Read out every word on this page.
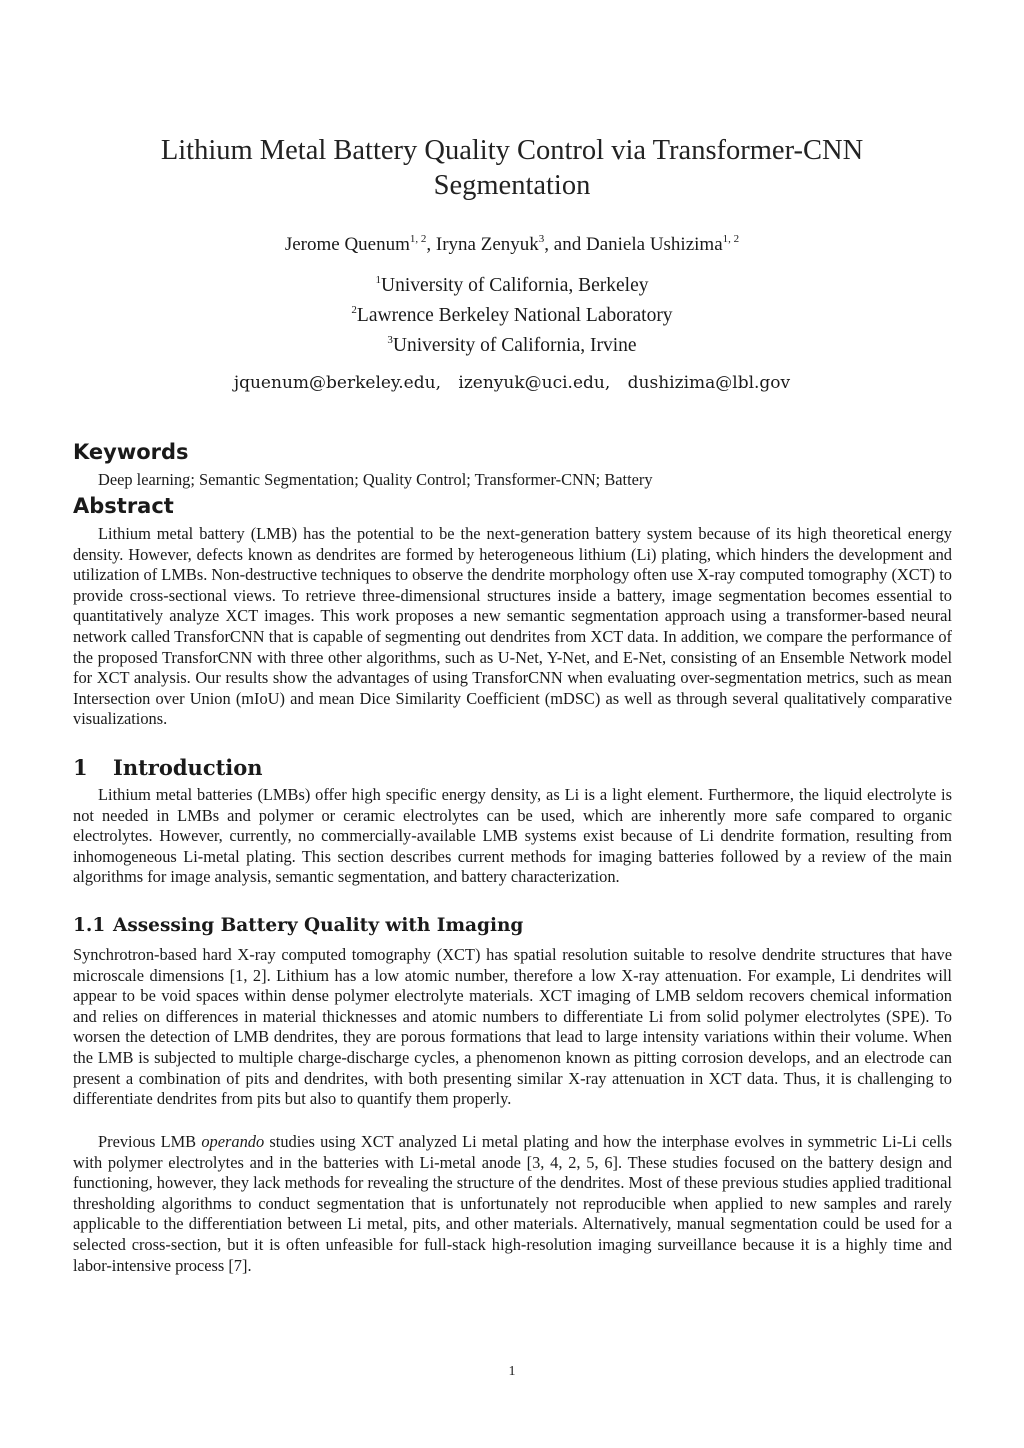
Lithium Metal Battery Quality Control via Transformer-CNN
Segmentation
Jerome Quenum$^{1, 2}$, Iryna Zenyuk$^3$, and Daniela Ushizima$^{1, 2}$
$^1$University of California, Berkeley
$^2$Lawrence Berkeley National Laboratory
$^3$University of California, Irvine
jquenum@berkeley.edu, izenyuk@uci.edu, dushizima@lbl.gov
Keywords
Deep learning; Semantic Segmentation; Quality Control; Transformer-CNN; Battery
Abstract
Lithium metal battery (LMB) has the potential to be the next-generation battery system because of its high theoretical energy density. However, defects known as dendrites are formed by heterogeneous lithium (Li) plating, which hinders the development and utilization of LMBs. Non-destructive techniques to observe the dendrite morphology often use X-ray computed tomography (XCT) to provide cross-sectional views. To retrieve three-dimensional structures inside a battery, image segmentation becomes essential to quantitatively analyze XCT images. This work proposes a new semantic segmentation approach using a transformer-based neural network called TransforCNN that is capable of segmenting out dendrites from XCT data. In addition, we compare the performance of the proposed TransforCNN with three other algorithms, such as U-Net, Y-Net, and E-Net, consisting of an Ensemble Network model for XCT analysis. Our results show the advantages of using TransforCNN when evaluating over-segmentation metrics, such as mean Intersection over Union (mIoU) and mean Dice Similarity Coefficient (mDSC) as well as through several qualitatively comparative visualizations.
1 Introduction
Lithium metal batteries (LMBs) offer high specific energy density, as Li is a light element. Furthermore, the liquid electrolyte is not needed in LMBs and polymer or ceramic electrolytes can be used, which are inherently more safe compared to organic electrolytes. However, currently, no commercially-available LMB systems exist because of Li dendrite formation, resulting from inhomogeneous Li-metal plating. This section describes current methods for imaging batteries followed by a review of the main algorithms for image analysis, semantic segmentation, and battery characterization.
1.1 Assessing Battery Quality with Imaging
Synchrotron-based hard X-ray computed tomography (XCT) has spatial resolution suitable to resolve dendrite structures that have microscale dimensions [1, 2]. Lithium has a low atomic number, therefore a low X-ray attenuation. For example, Li dendrites will appear to be void spaces within dense polymer electrolyte materials. XCT imaging of LMB seldom recovers chemical information and relies on differences in material thicknesses and atomic numbers to differentiate Li from solid polymer electrolytes (SPE). To worsen the detection of LMB dendrites, they are porous formations that lead to large intensity variations within their volume. When the LMB is subjected to multiple charge-discharge cycles, a phenomenon known as pitting corrosion develops, and an electrode can present a combination of pits and dendrites, with both presenting similar X-ray attenuation in XCT data. Thus, it is challenging to differentiate dendrites from pits but also to quantify them properly.
Previous LMB operando studies using XCT analyzed Li metal plating and how the interphase evolves in symmetric Li-Li cells with polymer electrolytes and in the batteries with Li-metal anode [3, 4, 2, 5, 6]. These studies focused on the battery design and functioning, however, they lack methods for revealing the structure of the dendrites. Most of these previous studies applied traditional thresholding algorithms to conduct segmentation that is unfortunately not reproducible when applied to new samples and rarely applicable to the differentiation between Li metal, pits, and other materials. Alternatively, manual segmentation could be used for a selected cross-section, but it is often unfeasible for full-stack high-resolution imaging surveillance because it is a highly time and labor-intensive process [7].
1
